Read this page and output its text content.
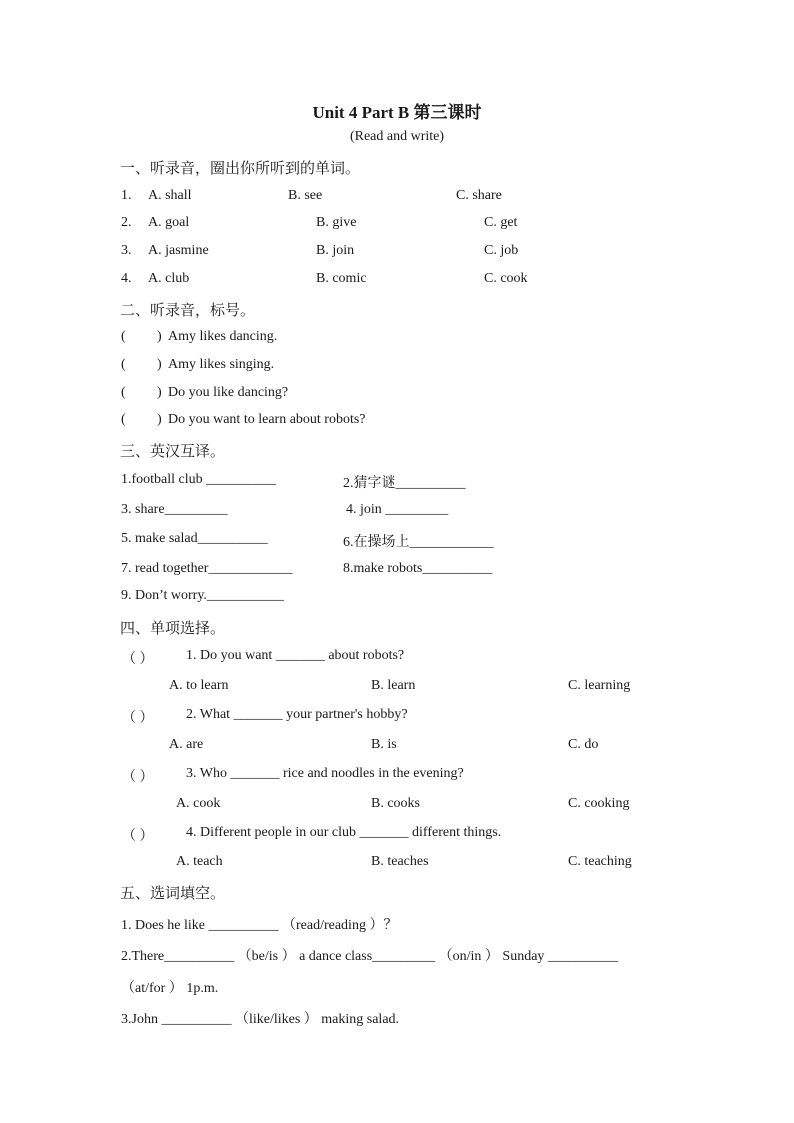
Unit 4 Part B 第三课时
(Read and write)
一、听录音，圈出你所听到的单词。
1. A. shall	B. see	C. share
2. A. goal	B. give	C. get
3. A. jasmine	B. join	C. job
4. A. club	B. comic	C. cook
二、听录音，标号。
( ) Amy likes dancing.
( ) Amy likes singing.
( ) Do you like dancing?
( ) Do you want to learn about robots?
三、英汉互译。
1.football club __________	2.猜字谜__________
3. share_________	4. join _________
5. make salad__________	6.在操场上____________
7. read together____________	8.make robots__________
9. Don’t worry.___________
四、单项选择。
（ ） 1. Do you want _______ about robots?
A. to learn	B. learn	C. learning
（ ） 2. What _______ your partner's hobby?
A. are	B. is	C. do
（ ） 3. Who _______ rice and noodles in the evening?
A. cook	B. cooks	C. cooking
（ ） 4. Different people in our club _______ different things.
A. teach	B. teaches	C. teaching
五、选词填空。
1. Does he like __________ （read/reading ）？
2.There__________ （be/is ） a dance class_________ （on/in ） Sunday __________
（at/for ） 1p.m.
3.John __________ （like/likes ） making salad.
